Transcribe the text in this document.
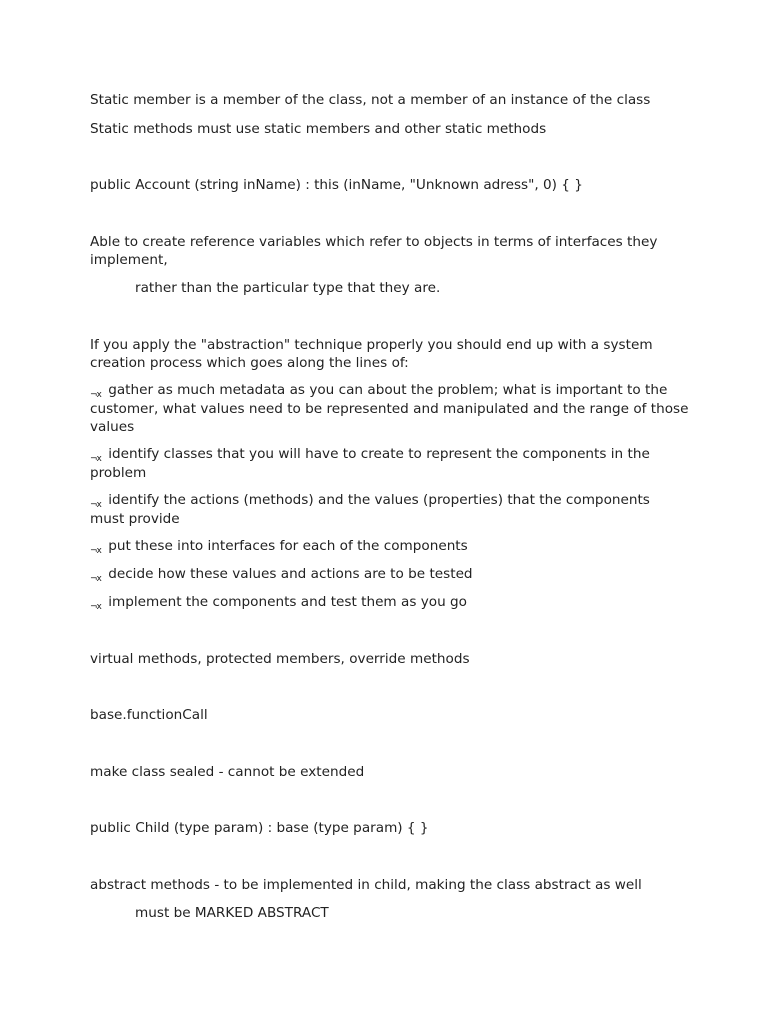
Static member is a member of the class, not a member of an instance of the class

Static methods must use static members and other static methods

public Account (string inName) : this (inName, "Unknown adress", 0) { }

Able to create reference variables which refer to objects in terms of interfaces they implement,

rather than the particular type that they are.

If you apply the "abstraction" technique properly you should end up with a system creation process which goes along the lines of:

¬x gather as much metadata as you can about the problem; what is important to the customer, what values need to be represented and manipulated and the range of those values

¬x identify classes that you will have to create to represent the components in the problem

¬x identify the actions (methods) and the values (properties) that the components must provide

¬x put these into interfaces for each of the components

¬x decide how these values and actions are to be tested

¬x implement the components and test them as you go

virtual methods, protected members, override methods

base.functionCall

make class sealed - cannot be extended

public Child (type param) : base (type param) { }

abstract methods - to be implemented in child, making the class abstract as well

must be MARKED ABSTRACT
